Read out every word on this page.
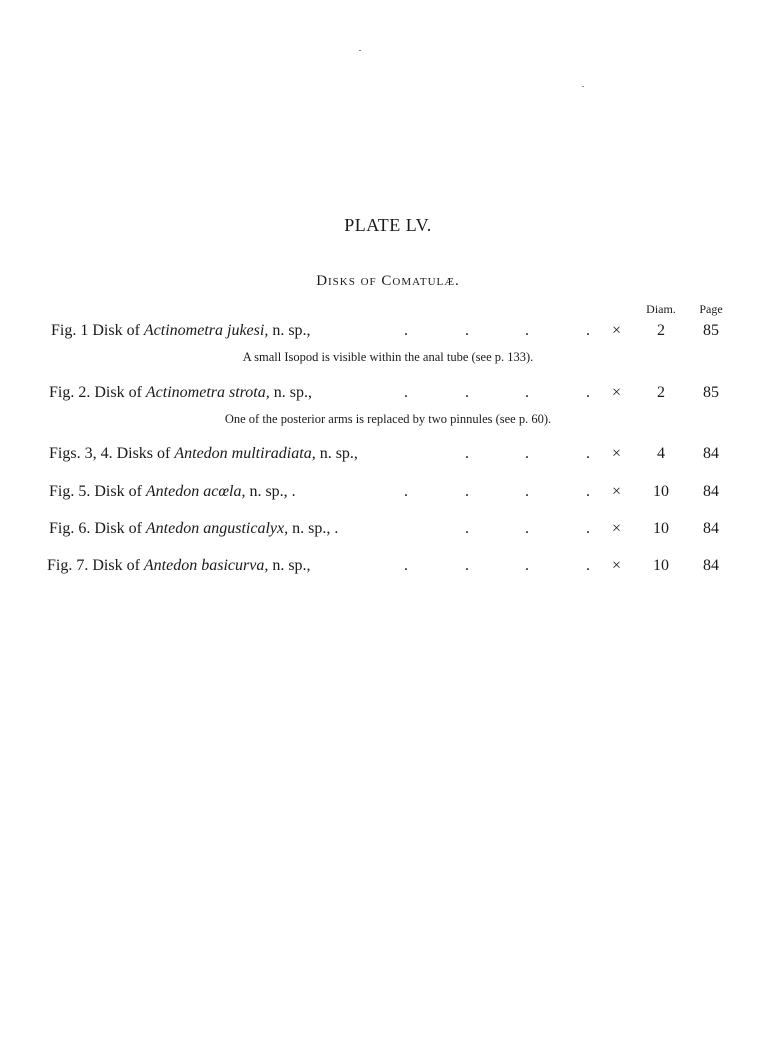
PLATE LV.
Disks of Comatulæ.
Diam.	Page
Fig. 1 Disk of Actinometra jukesi, n. sp.,	.	.	.	. ×	2	85
A small Isopod is visible within the anal tube (see p. 133).
Fig. 2. Disk of Actinometra strota, n. sp.,	.	.	.	. ×	2	85
One of the posterior arms is replaced by two pinnules (see p. 60).
Figs. 3, 4. Disks of Antedon multiradiata, n. sp.,	.	.	. ×	4	84
Fig. 5. Disk of Antedon acœla, n. sp., .	.	.	.	. ×	10	84
Fig. 6. Disk of Antedon angusticalyx, n. sp., .	.	.	. ×	10	84
Fig. 7. Disk of Antedon basicurva, n. sp.,	.	.	.	. ×	10	84
